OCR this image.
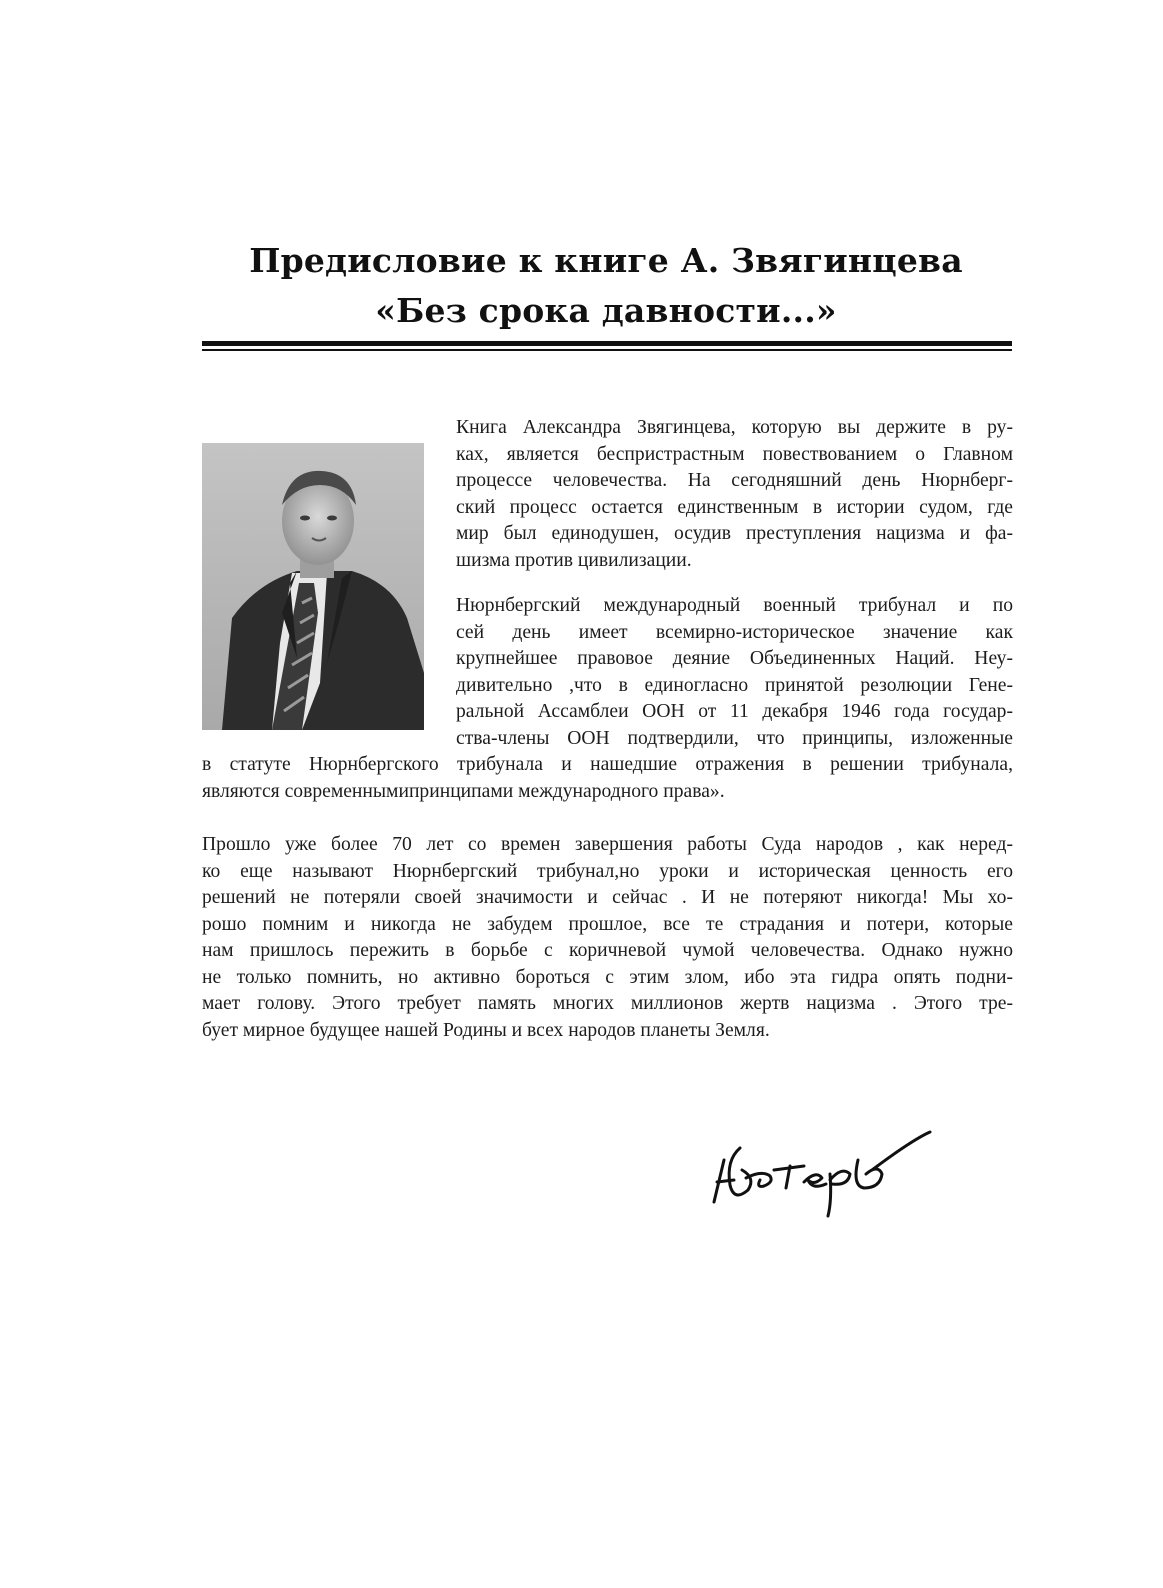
Предисловие к книге А. Звягинцева
«Без срока давности...»
Книга Александра Звягинцева, которую вы держите в ру-
ках, является беспристрастным повествованием о Главном
процессе человечества. На сегодняшний день Нюрнберг-
ский процесс остается единственным в истории судом, где
мир был единодушен, осудив преступления нацизма и фа-
шизма против цивилизации.
Нюрнбергский международный военный трибунал и по
сей день имеет всемирно-историческое значение как
крупнейшее правовое деяние Объединенных Наций. Неу-
дивительно ,что в единогласно принятой резолюции Гене-
ральной Ассамблеи ООН от 11 декабря 1946 года государ-
ства-члены ООН подтвердили, что принципы, изложенные
в статуте Нюрнбергского трибунала и нашедшие отражения в решении трибунала,
являются современнымипринципами международного права».
Прошло уже более 70 лет со времен завершения работы Суда народов , как неред-
ко еще называют Нюрнбергский трибунал,но уроки и историческая ценность его
решений не потеряли своей значимости и сейчас . И не потеряют никогда! Мы хо-
рошо помним и никогда не забудем прошлое, все те страдания и потери, которые
нам пришлось пережить в борьбе с коричневой чумой человечества. Однако нужно
не только помнить, но активно бороться с этим злом, ибо эта гидра опять подни-
мает голову. Этого требует память многих миллионов жертв нацизма . Этого тре-
бует мирное будущее нашей Родины и всех народов планеты Земля.
